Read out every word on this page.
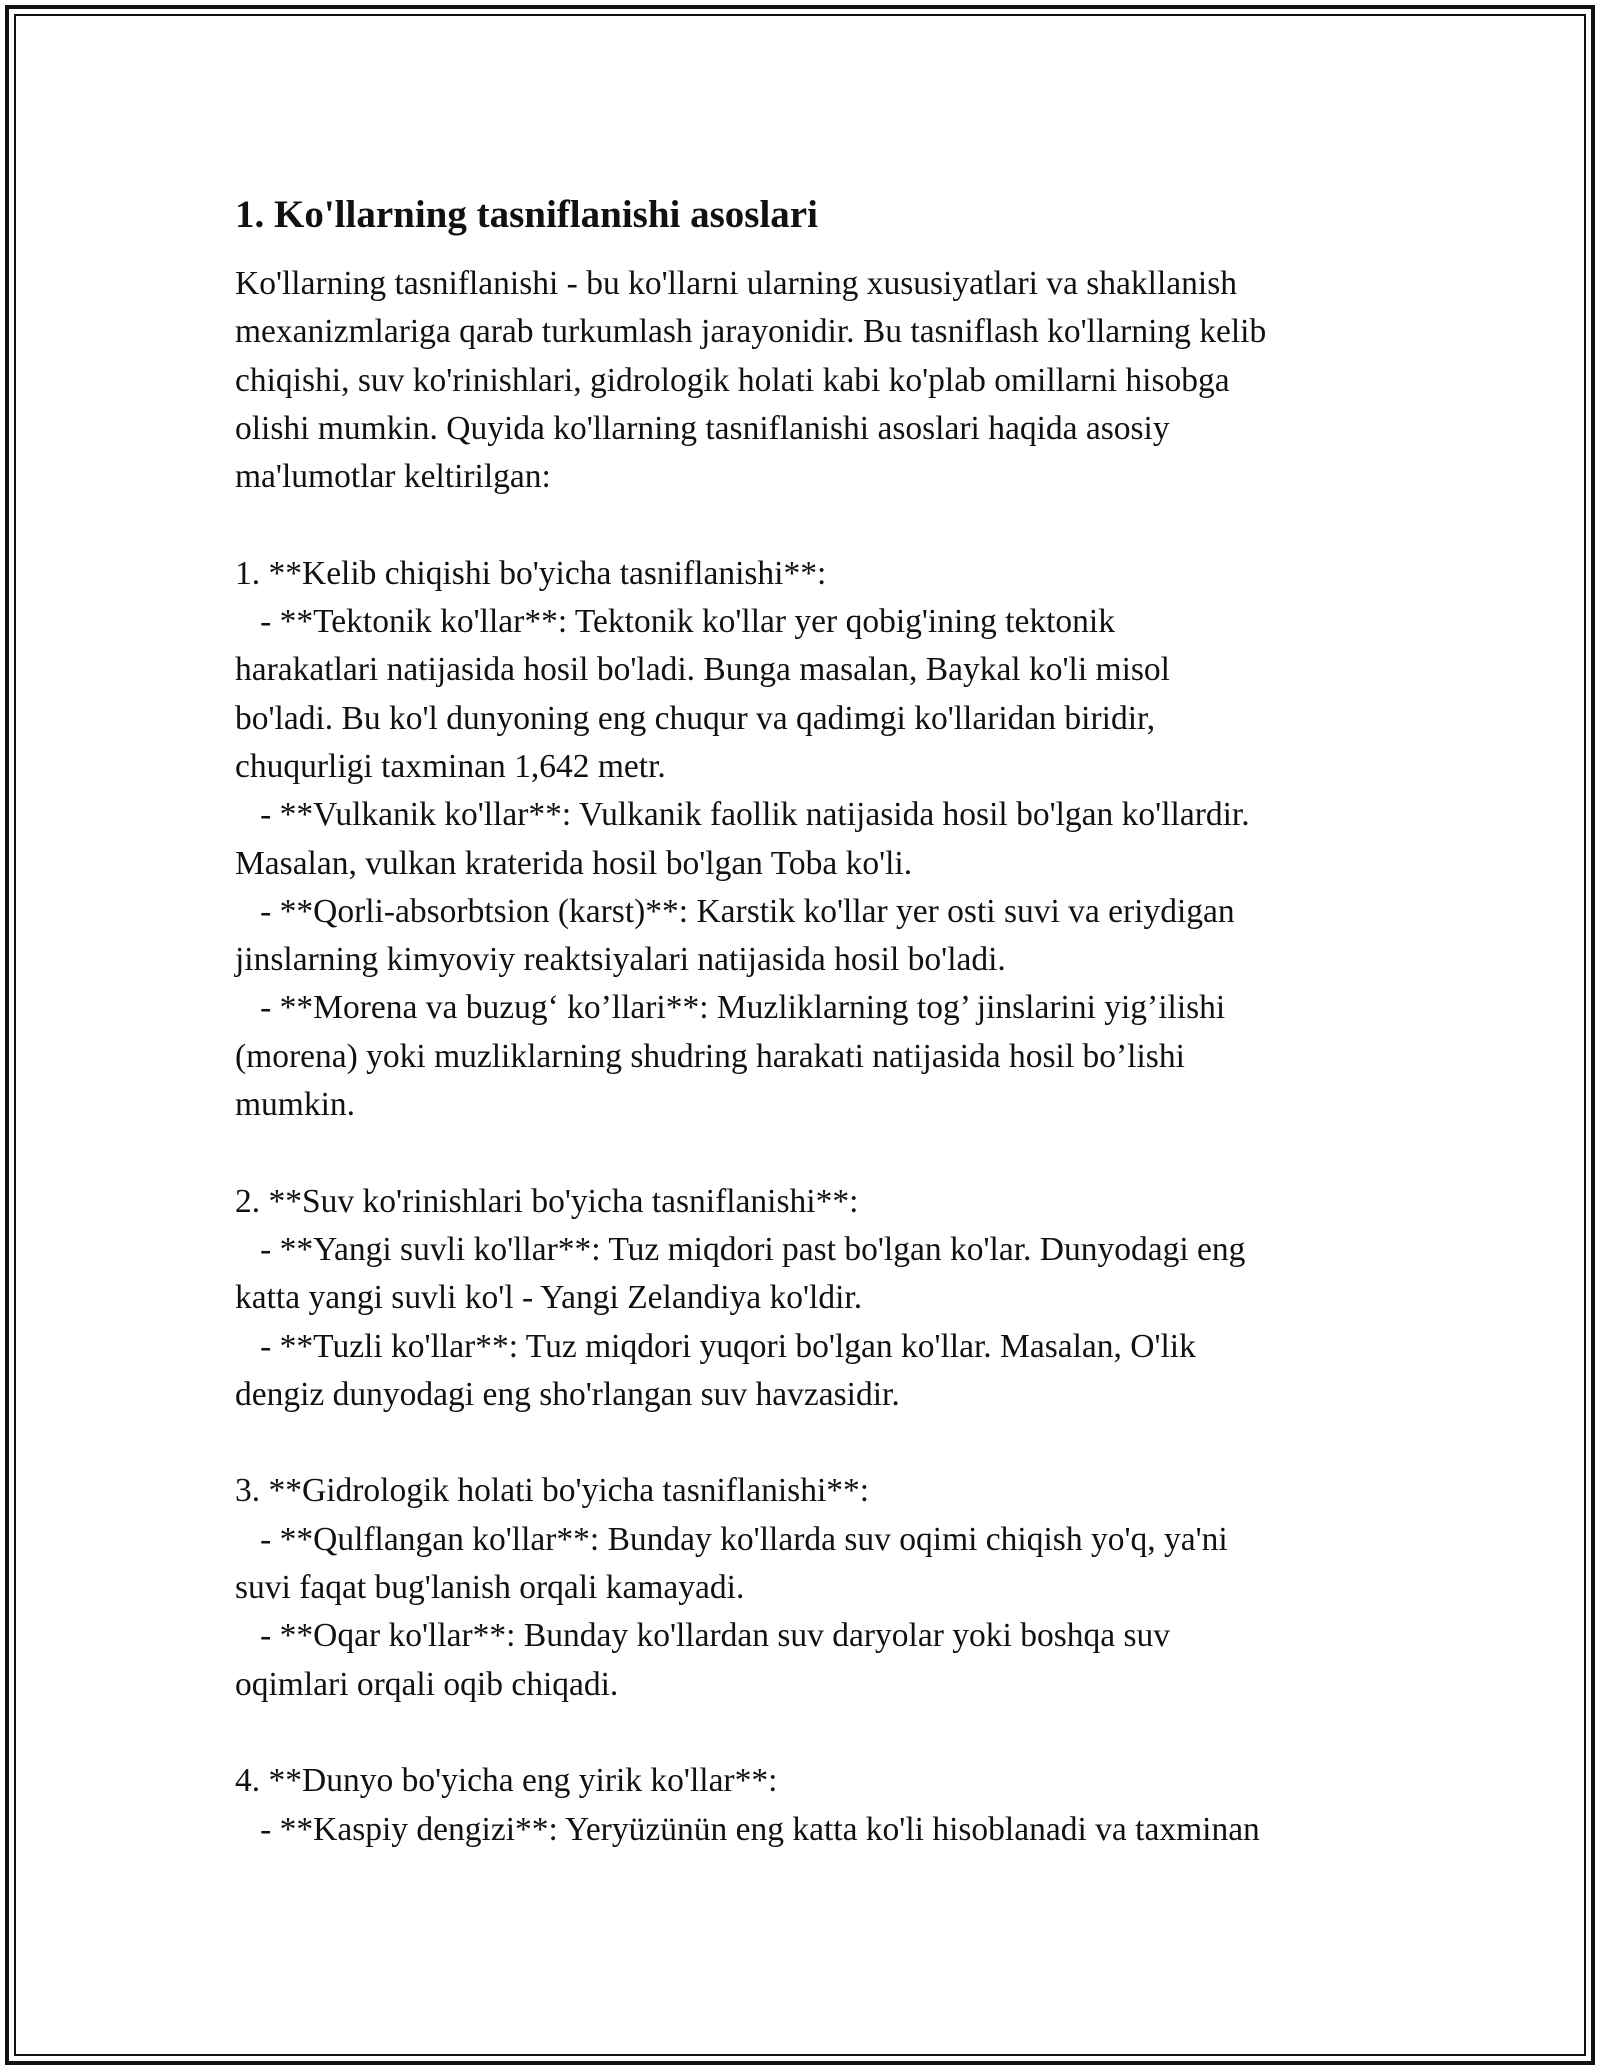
1. Ko'llarning tasniflanishi asoslari
Ko'llarning tasniflanishi - bu ko'llarni ularning xususiyatlari va shakllanish
mexanizmlariga qarab turkumlash jarayonidir. Bu tasniflash ko'llarning kelib
chiqishi, suv ko'rinishlari, gidrologik holati kabi ko'plab omillarni hisobga
olishi mumkin. Quyida ko'llarning tasniflanishi asoslari haqida asosiy
ma'lumotlar keltirilgan:
1. **Kelib chiqishi bo'yicha tasniflanishi**:
- **Tektonik ko'llar**: Tektonik ko'llar yer qobig'ining tektonik
harakatlari natijasida hosil bo'ladi. Bunga masalan, Baykal ko'li misol
bo'ladi. Bu ko'l dunyoning eng chuqur va qadimgi ko'llaridan biridir,
chuqurligi taxminan 1,642 metr.
- **Vulkanik ko'llar**: Vulkanik faollik natijasida hosil bo'lgan ko'llardir.
Masalan, vulkan kraterida hosil bo'lgan Toba ko'li.
- **Qorli-absorbtsion (karst)**: Karstik ko'llar yer osti suvi va eriydigan
jinslarning kimyoviy reaktsiyalari natijasida hosil bo'ladi.
- **Morena va buzug‘ ko’llari**: Muzliklarning tog’ jinslarini yig’ilishi
(morena) yoki muzliklarning shudring harakati natijasida hosil bo’lishi
mumkin.
2. **Suv ko'rinishlari bo'yicha tasniflanishi**:
- **Yangi suvli ko'llar**: Tuz miqdori past bo'lgan ko'lar. Dunyodagi eng
katta yangi suvli ko'l - Yangi Zelandiya ko'ldir.
- **Tuzli ko'llar**: Tuz miqdori yuqori bo'lgan ko'llar. Masalan, O'lik
dengiz dunyodagi eng sho'rlangan suv havzasidir.
3. **Gidrologik holati bo'yicha tasniflanishi**:
- **Qulflangan ko'llar**: Bunday ko'llarda suv oqimi chiqish yo'q, ya'ni
suvi faqat bug'lanish orqali kamayadi.
- **Oqar ko'llar**: Bunday ko'llardan suv daryolar yoki boshqa suv
oqimlari orqali oqib chiqadi.
4. **Dunyo bo'yicha eng yirik ko'llar**:
- **Kaspiy dengizi**: Yeryüzünün eng katta ko'li hisoblanadi va taxminan
